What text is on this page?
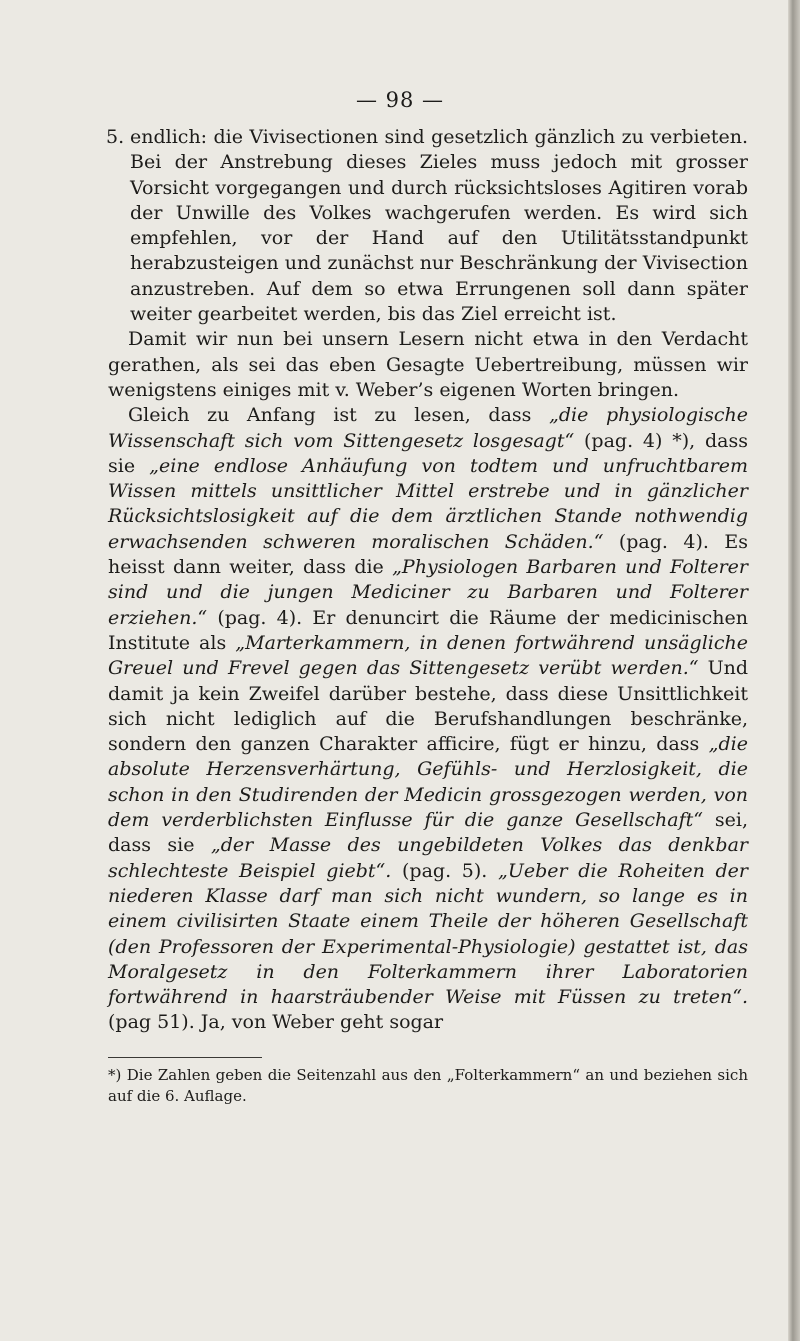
— 98 —

5. endlich: die Vivisectionen sind gesetzlich gänzlich zu verbieten. Bei der Anstrebung dieses Zieles muss jedoch mit grosser Vorsicht vorgegangen und durch rücksichtsloses Agitiren vorab der Unwille des Volkes wachgerufen werden. Es wird sich empfehlen, vor der Hand auf den Utilitätsstandpunkt herabzusteigen und zunächst nur Beschränkung der Vivisection anzustreben. Auf dem so etwa Errungenen soll dann später weiter gearbeitet werden, bis das Ziel erreicht ist.

Damit wir nun bei unsern Lesern nicht etwa in den Verdacht gerathen, als sei das eben Gesagte Uebertreibung, müssen wir wenigstens einiges mit v. Weber’s eigenen Worten bringen.

Gleich zu Anfang ist zu lesen, dass „die physiologische Wissenschaft sich vom Sittengesetz losgesagt“ (pag. 4) *), dass sie „eine endlose Anhäufung von todtem und unfruchtbarem Wissen mittels unsittlicher Mittel erstrebe und in gänzlicher Rücksichtslosigkeit auf die dem ärztlichen Stande nothwendig erwachsenden schweren moralischen Schäden.“ (pag. 4). Es heisst dann weiter, dass die „Physiologen Barbaren und Folterer sind und die jungen Mediciner zu Barbaren und Folterer erziehen.“ (pag. 4). Er denuncirt die Räume der medicinischen Institute als „Marterkammern, in denen fortwährend unsägliche Greuel und Frevel gegen das Sittengesetz verübt werden.“ Und damit ja kein Zweifel darüber bestehe, dass diese Unsittlichkeit sich nicht lediglich auf die Berufshandlungen beschränke, sondern den ganzen Charakter afficire, fügt er hinzu, dass „die absolute Herzensverhärtung, Gefühls- und Herzlosigkeit, die schon in den Studirenden der Medicin grossgezogen werden, von dem verderblichsten Einflusse für die ganze Gesellschaft“ sei, dass sie „der Masse des ungebildeten Volkes das denkbar schlechteste Beispiel giebt“. (pag. 5). „Ueber die Roheiten der niederen Klasse darf man sich nicht wundern, so lange es in einem civilisirten Staate einem Theile der höheren Gesellschaft (den Professoren der Experimental-Physiologie) gestattet ist, das Moralgesetz in den Folterkammern ihrer Laboratorien fortwährend in haarsträubender Weise mit Füssen zu treten“. (pag 51). Ja, von Weber geht sogar

*) Die Zahlen geben die Seitenzahl aus den „Folterkammern“ an und beziehen sich auf die 6. Auflage.
